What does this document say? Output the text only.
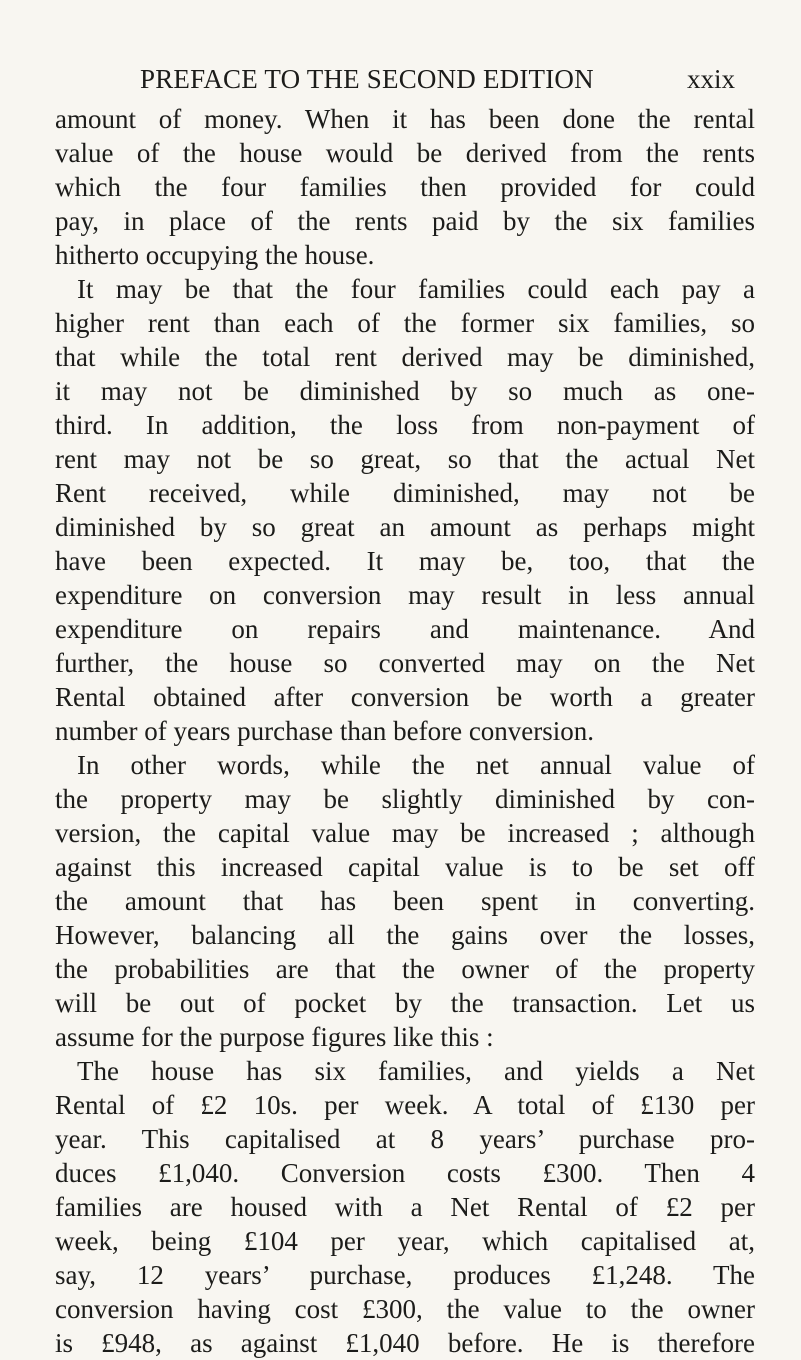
PREFACE TO THE SECOND EDITION	xxix
amount of money. When it has been done the rental
value of the house would be derived from the rents
which the four families then provided for could
pay, in place of the rents paid by the six families
hitherto occupying the house.
It may be that the four families could each pay a
higher rent than each of the former six families, so
that while the total rent derived may be diminished,
it may not be diminished by so much as one-
third. In addition, the loss from non-payment of
rent may not be so great, so that the actual Net
Rent received, while diminished, may not be
diminished by so great an amount as perhaps might
have been expected. It may be, too, that the
expenditure on conversion may result in less annual
expenditure on repairs and maintenance. And
further, the house so converted may on the Net
Rental obtained after conversion be worth a greater
number of years purchase than before conversion.
In other words, while the net annual value of
the property may be slightly diminished by con-
version, the capital value may be increased ; although
against this increased capital value is to be set off
the amount that has been spent in converting.
However, balancing all the gains over the losses,
the probabilities are that the owner of the property
will be out of pocket by the transaction. Let us
assume for the purpose figures like this :
The house has six families, and yields a Net
Rental of £2 10s. per week. A total of £130 per
year. This capitalised at 8 years’ purchase pro-
duces £1,040. Conversion costs £300. Then 4
families are housed with a Net Rental of £2 per
week, being £104 per year, which capitalised at,
say, 12 years’ purchase, produces £1,248. The
conversion having cost £300, the value to the owner
is £948, as against £1,040 before. He is therefore
